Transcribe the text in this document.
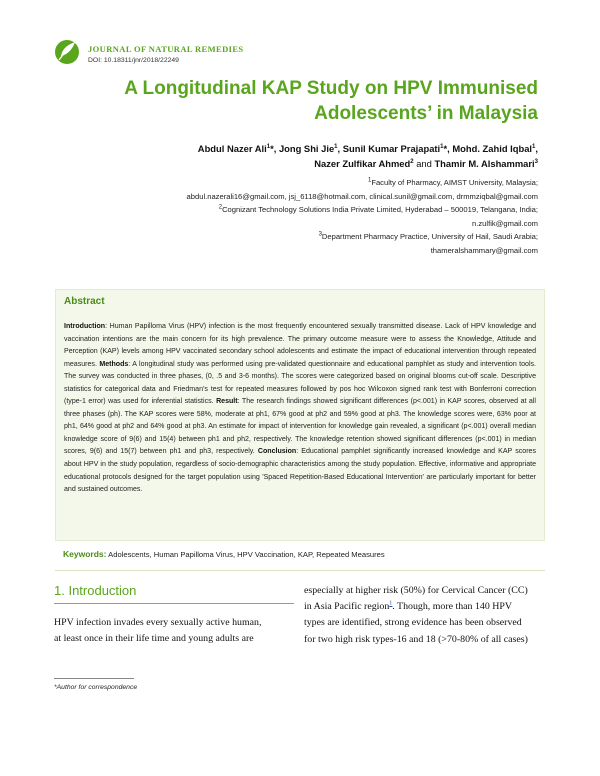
JOURNAL OF NATURAL REMEDIES
DOI: 10.18311/jnr/2018/22249
A Longitudinal KAP Study on HPV Immunised
Adolescents’ in Malaysia
Abdul Nazer Ali$^1$*, Jong Shi Jie$^1$, Sunil Kumar Prajapati$^1$*, Mohd. Zahid Iqbal$^1$,
Nazer Zulfikar Ahmed$^2$ and Thamir M. Alshammari$^3$
$^1$Faculty of Pharmacy, AIMST University, Malaysia;
abdul.nazerali16@gmail.com, jsj_6118@hotmail.com, clinical.sunil@gmail.com, drmmziqbal@gmail.com
$^2$Cognizant Technology Solutions India Private Limited, Hyderabad – 500019, Telangana, India;
n.zulfik@gmail.com
$^3$Department Pharmacy Practice, University of Hail, Saudi Arabia;
thameralshammary@gmail.com
Abstract
Introduction: Human Papilloma Virus (HPV) infection is the most frequently encountered sexually transmitted disease. Lack of HPV knowledge and vaccination intentions are the main concern for its high prevalence. The primary outcome measure were to assess the Knowledge, Attitude and Perception (KAP) levels among HPV vaccinated secondary school adolescents and estimate the impact of educational intervention through repeated measures. Methods: A longitudinal study was performed using pre-validated questionnaire and educational pamphlet as study and intervention tools. The survey was conducted in three phases, (0, .5 and 3-6 months). The scores were categorized based on original blooms cut-off scale. Descriptive statistics for categorical data and Friedman’s test for repeated measures followed by pos hoc Wilcoxon signed rank test with Bonferroni correction (type-1 error) was used for inferential statistics. Result: The research findings showed significant differences (p<.001) in KAP scores, observed at all three phases (ph). The KAP scores were 58%, moderate at ph1, 67% good at ph2 and 59% good at ph3. The knowledge scores were, 63% poor at ph1, 64% good at ph2 and 64% good at ph3. An estimate for impact of intervention for knowledge gain revealed, a significant (p<.001) overall median knowledge score of 9(6) and 15(4) between ph1 and ph2, respectively. The knowledge retention showed significant differences (p<.001) in median scores, 9(6) and 15(7) between ph1 and ph3, respectively. Conclusion: Educational pamphlet significantly increased knowledge and KAP scores about HPV in the study population, regardless of socio-demographic characteristics among the study population. Effective, informative and appropriate educational protocols designed for the target population using 'Spaced Repetition-Based Educational Intervention' are particularly important for better and sustained outcomes.
Keywords: Adolescents, Human Papilloma Virus, HPV Vaccination, KAP, Repeated Measures
1. Introduction
HPV infection invades every sexually active human,
at least once in their life time and young adults are
especially at higher risk (50%) for Cervical Cancer (CC)
in Asia Pacific region$^1$. Though, more than 140 HPV
types are identified, strong evidence has been observed
for two high risk types-16 and 18 (>70-80% of all cases)
*Author for correspondence
